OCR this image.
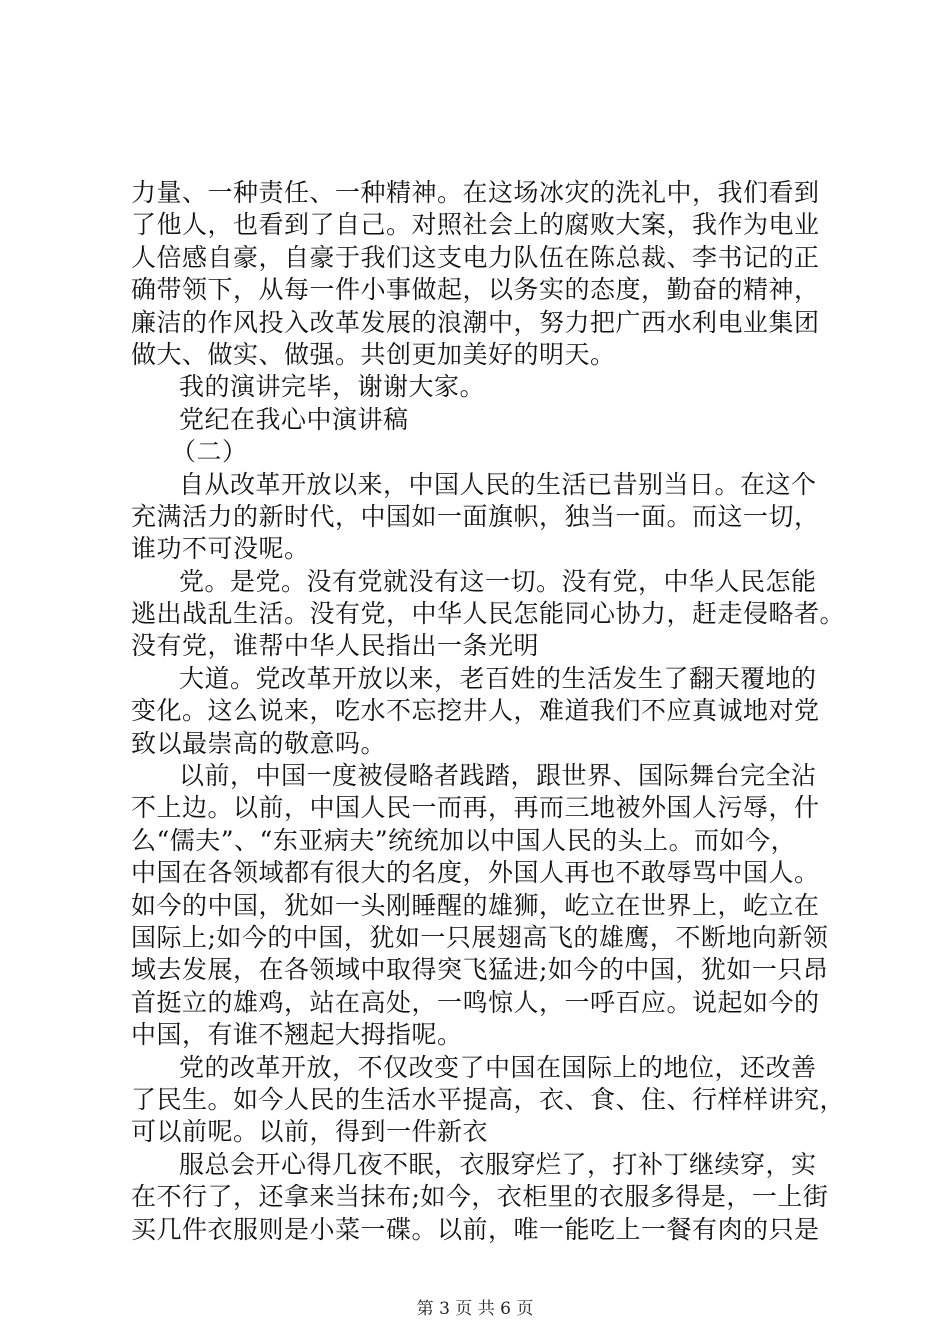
力量、一种责任、一种精神。在这场冰灾的洗礼中，我们看到
了他人，也看到了自己。对照社会上的腐败大案，我作为电业
人倍感自豪，自豪于我们这支电力队伍在陈总裁、李书记的正
确带领下，从每一件小事做起，以务实的态度，勤奋的精神，
廉洁的作风投入改革发展的浪潮中，努力把广西水利电业集团
做大、做实、做强。共创更加美好的明天。
我的演讲完毕，谢谢大家。
党纪在我心中演讲稿
（二）
自从改革开放以来，中国人民的生活已昔别当日。在这个
充满活力的新时代，中国如一面旗帜，独当一面。而这一切，
谁功不可没呢。
党。是党。没有党就没有这一切。没有党，中华人民怎能
逃出战乱生活。没有党，中华人民怎能同心协力，赶走侵略者。
没有党，谁帮中华人民指出一条光明
大道。党改革开放以来，老百姓的生活发生了翻天覆地的
变化。这么说来，吃水不忘挖井人，难道我们不应真诚地对党
致以最崇高的敬意吗。
以前，中国一度被侵略者践踏，跟世界、国际舞台完全沾
不上边。以前，中国人民一而再，再而三地被外国人污辱，什
么“儒夫”、“东亚病夫”统统加以中国人民的头上。而如今，
中国在各领域都有很大的名度，外国人再也不敢辱骂中国人。
如今的中国，犹如一头刚睡醒的雄狮，屹立在世界上，屹立在
国际上;如今的中国，犹如一只展翅高飞的雄鹰，不断地向新领
域去发展，在各领域中取得突飞猛进;如今的中国，犹如一只昂
首挺立的雄鸡，站在高处，一鸣惊人，一呼百应。说起如今的
中国，有谁不翘起大拇指呢。
党的改革开放，不仅改变了中国在国际上的地位，还改善
了民生。如今人民的生活水平提高，衣、食、住、行样样讲究，
可以前呢。以前，得到一件新衣
服总会开心得几夜不眠，衣服穿烂了，打补丁继续穿，实
在不行了，还拿来当抹布;如今，衣柜里的衣服多得是，一上街
买几件衣服则是小菜一碟。以前，唯一能吃上一餐有肉的只是
第 3 页 共 6 页
